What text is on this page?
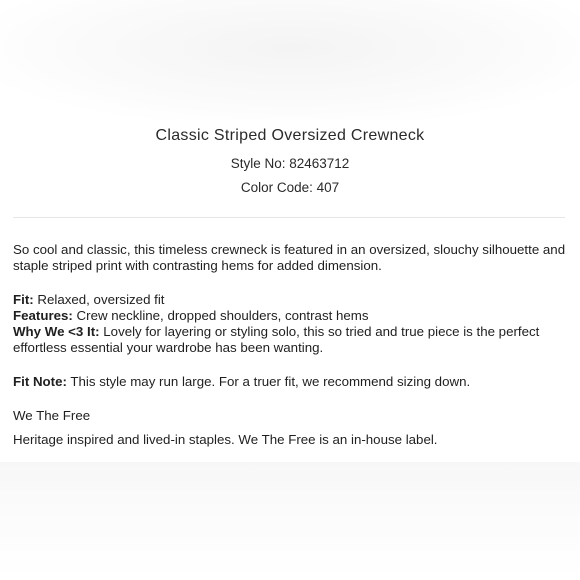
Classic Striped Oversized Crewneck
Style No: 82463712
Color Code: 407
So cool and classic, this timeless crewneck is featured in an oversized, slouchy silhouette and staple striped print with contrasting hems for added dimension.
Fit: Relaxed, oversized fit
Features: Crew neckline, dropped shoulders, contrast hems
Why We <3 It: Lovely for layering or styling solo, this so tried and true piece is the perfect effortless essential your wardrobe has been wanting.
Fit Note: This style may run large. For a truer fit, we recommend sizing down.
We The Free
Heritage inspired and lived-in staples. We The Free is an in-house label.
